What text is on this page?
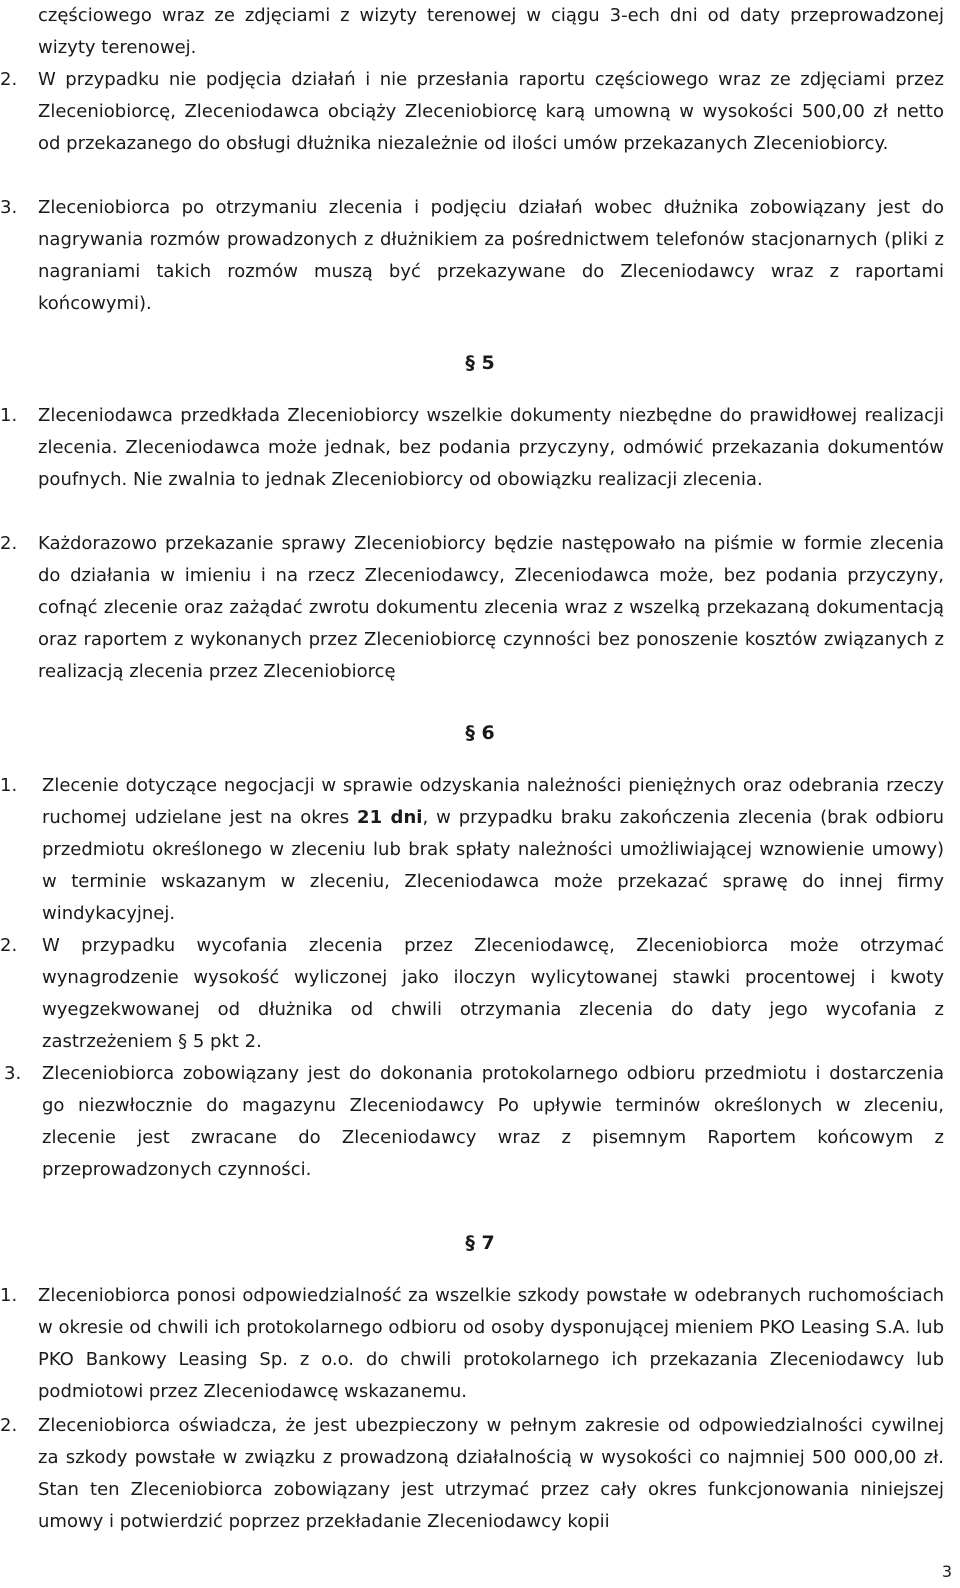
częściowego wraz ze zdjęciami z wizyty terenowej w ciągu 3-ech dni od daty przeprowadzonej wizyty terenowej.

2. W przypadku nie podjęcia działań i nie przesłania raportu częściowego wraz ze zdjęciami przez Zleceniobiorcę, Zleceniodawca obciąży Zleceniobiorcę karą umowną w wysokości 500,00 zł netto od przekazanego do obsługi dłużnika niezależnie od ilości umów przekazanych Zleceniobiorcy.

3. Zleceniobiorca po otrzymaniu zlecenia i podjęciu działań wobec dłużnika zobowiązany jest do nagrywania rozmów prowadzonych z dłużnikiem za pośrednictwem telefonów stacjonarnych (pliki z nagraniami takich rozmów muszą być przekazywane do Zleceniodawcy wraz z raportami końcowymi).

§ 5
1. Zleceniodawca przedkłada Zleceniobiorcy wszelkie dokumenty niezbędne do prawidłowej realizacji zlecenia. Zleceniodawca może jednak, bez podania przyczyny, odmówić przekazania dokumentów poufnych. Nie zwalnia to jednak Zleceniobiorcy od obowiązku realizacji zlecenia.

2. Każdorazowo przekazanie sprawy Zleceniobiorcy będzie następowało na piśmie w formie zlecenia do działania w imieniu i na rzecz Zleceniodawcy, Zleceniodawca może, bez podania przyczyny, cofnąć zlecenie oraz zażądać zwrotu dokumentu zlecenia wraz z wszelką przekazaną dokumentacją oraz raportem z wykonanych przez Zleceniobiorcę czynności bez ponoszenie kosztów związanych z realizacją zlecenia przez Zleceniobiorcę

§ 6
1. Zlecenie dotyczące negocjacji w sprawie odzyskania należności pieniężnych oraz odebrania rzeczy ruchomej udzielane jest na okres 21 dni, w przypadku braku zakończenia zlecenia (brak odbioru przedmiotu określonego w zleceniu lub brak spłaty należności umożliwiającej wznowienie umowy) w terminie wskazanym w zleceniu, Zleceniodawca może przekazać sprawę do innej firmy windykacyjnej.

2. W przypadku wycofania zlecenia przez Zleceniodawcę, Zleceniobiorca może otrzymać wynagrodzenie wysokość wyliczonej jako iloczyn wylicytowanej stawki procentowej i kwoty wyegzekwowanej od dłużnika od chwili otrzymania zlecenia do daty jego wycofania z zastrzeżeniem § 5 pkt 2.

3. Zleceniobiorca zobowiązany jest do dokonania protokolarnego odbioru przedmiotu i dostarczenia go niezwłocznie do magazynu Zleceniodawcy Po upływie terminów określonych w zleceniu, zlecenie jest zwracane do Zleceniodawcy wraz z pisemnym Raportem końcowym z przeprowadzonych czynności.

§ 7
1. Zleceniobiorca ponosi odpowiedzialność za wszelkie szkody powstałe w odebranych ruchomościach w okresie od chwili ich protokolarnego odbioru od osoby dysponującej mieniem PKO Leasing S.A. lub PKO Bankowy Leasing Sp. z o.o. do chwili protokolarnego ich przekazania Zleceniodawcy lub podmiotowi przez Zleceniodawcę wskazanemu.

2. Zleceniobiorca oświadcza, że jest ubezpieczony w pełnym zakresie od odpowiedzialności cywilnej za szkody powstałe w związku z prowadzoną działalnością w wysokości co najmniej 500 000,00 zł. Stan ten Zleceniobiorca zobowiązany jest utrzymać przez cały okres funkcjonowania niniejszej umowy i potwierdzić poprzez przekładanie Zleceniodawcy kopii

3
